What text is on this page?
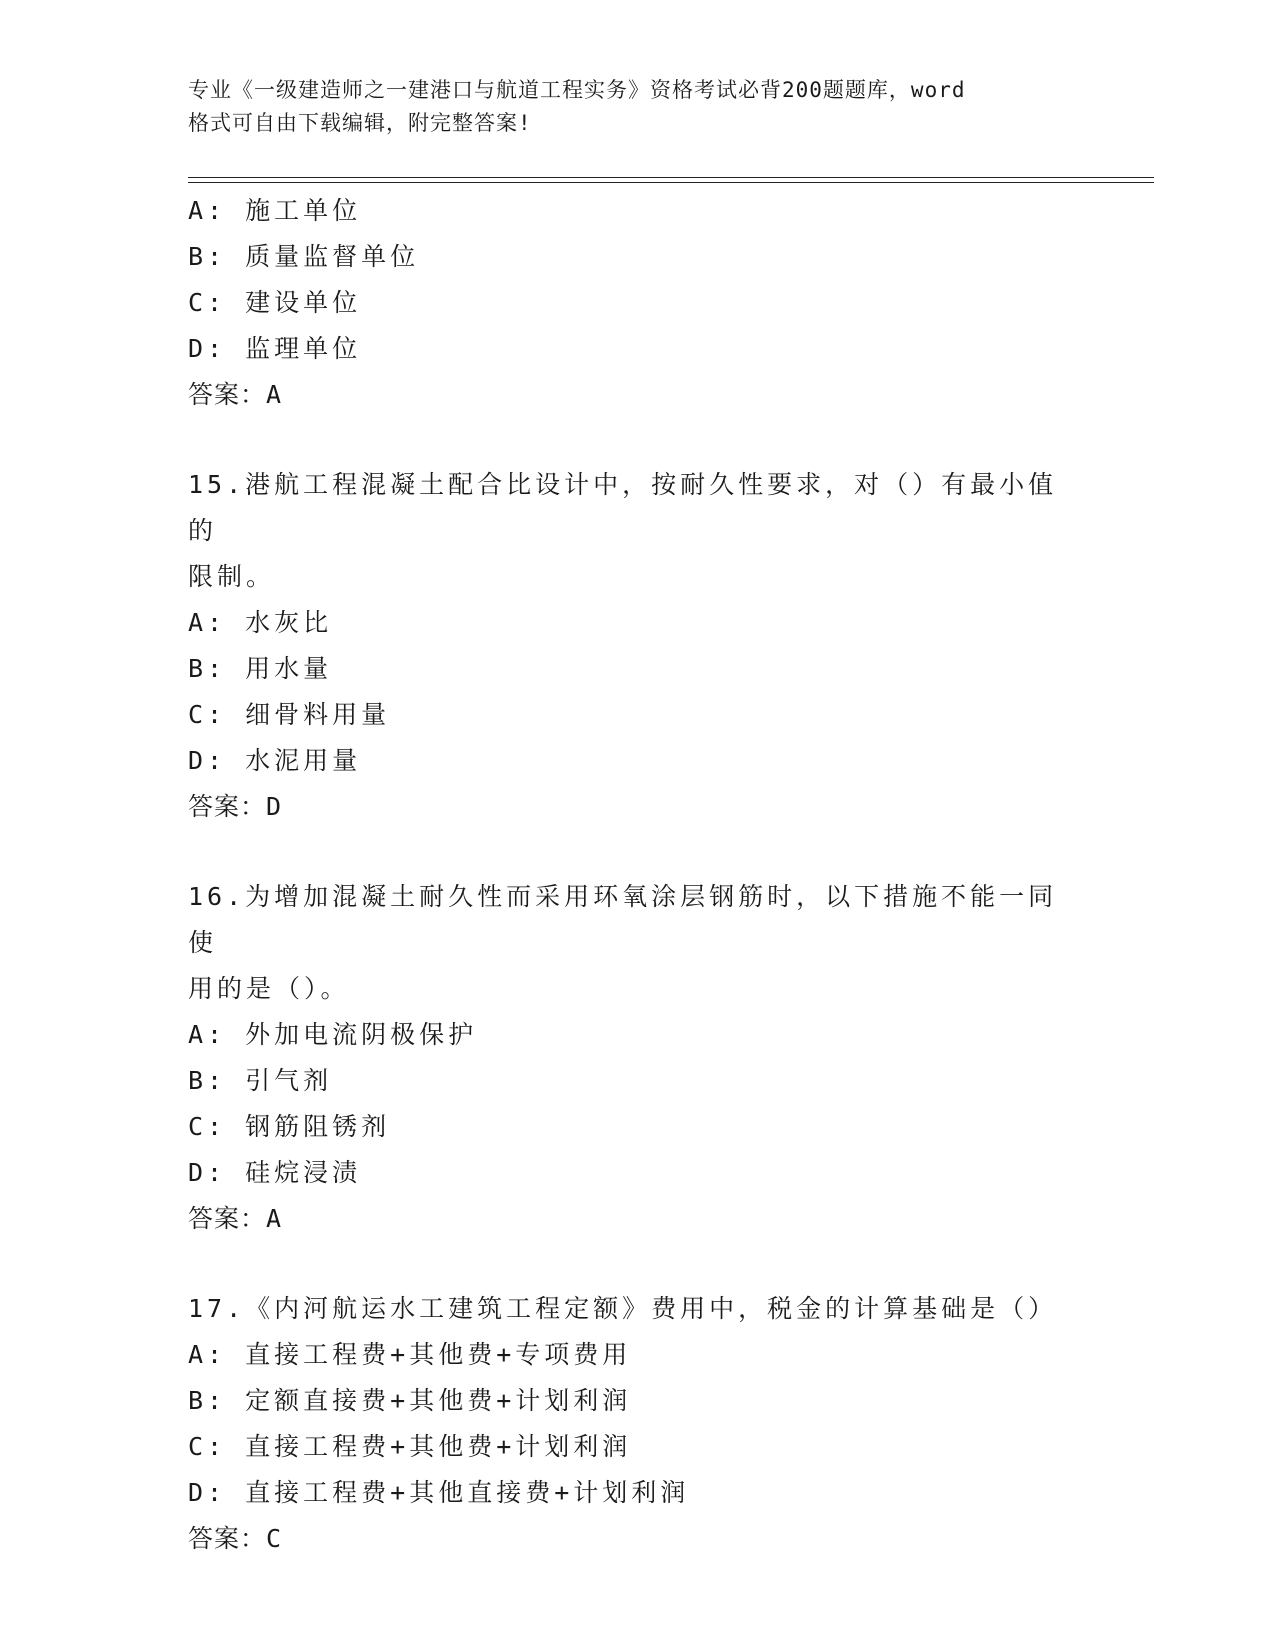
专业《一级建造师之一建港口与航道工程实务》资格考试必背200题题库，word
格式可自由下载编辑，附完整答案!
A: 施工单位
B: 质量监督单位
C: 建设单位
D: 监理单位
答案：A
15.港航工程混凝土配合比设计中，按耐久性要求，对（）有最小值的
限制。
A: 水灰比
B: 用水量
C: 细骨料用量
D: 水泥用量
答案：D
16.为增加混凝土耐久性而采用环氧涂层钢筋时，以下措施不能一同使
用的是（）。
A: 外加电流阴极保护
B: 引气剂
C: 钢筋阻锈剂
D: 硅烷浸渍
答案：A
17.《内河航运水工建筑工程定额》费用中，税金的计算基础是（）
A: 直接工程费+其他费+专项费用
B: 定额直接费+其他费+计划利润
C: 直接工程费+其他费+计划利润
D: 直接工程费+其他直接费+计划利润
答案：C
